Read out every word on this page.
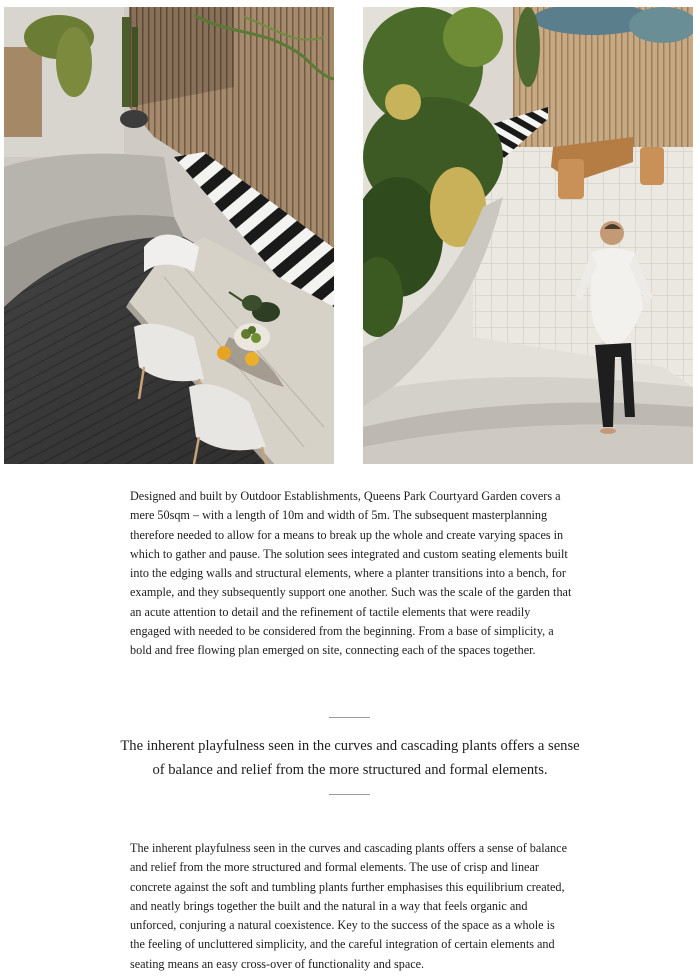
Designed and built by Outdoor Establishments, Queens Park Courtyard Garden covers a mere 50sqm – with a length of 10m and width of 5m. The subsequent masterplanning therefore needed to allow for a means to break up the whole and create varying spaces in which to gather and pause. The solution sees integrated and custom seating elements built into the edging walls and structural elements, where a planter transitions into a bench, for example, and they subsequently support one another. Such was the scale of the garden that an acute attention to detail and the refinement of tactile elements that were readily engaged with needed to be considered from the beginning. From a base of simplicity, a bold and free flowing plan emerged on site, connecting each of the spaces together.

The inherent playfulness seen in the curves and cascading plants offers a sense of balance and relief from the more structured and formal elements.

The inherent playfulness seen in the curves and cascading plants offers a sense of balance and relief from the more structured and formal elements. The use of crisp and linear concrete against the soft and tumbling plants further emphasises this equilibrium created, and neatly brings together the built and the natural in a way that feels organic and unforced, conjuring a natural coexistence. Key to the success of the space as a whole is the feeling of uncluttered simplicity, and the careful integration of certain elements and seating means an easy cross-over of functionality and space.
